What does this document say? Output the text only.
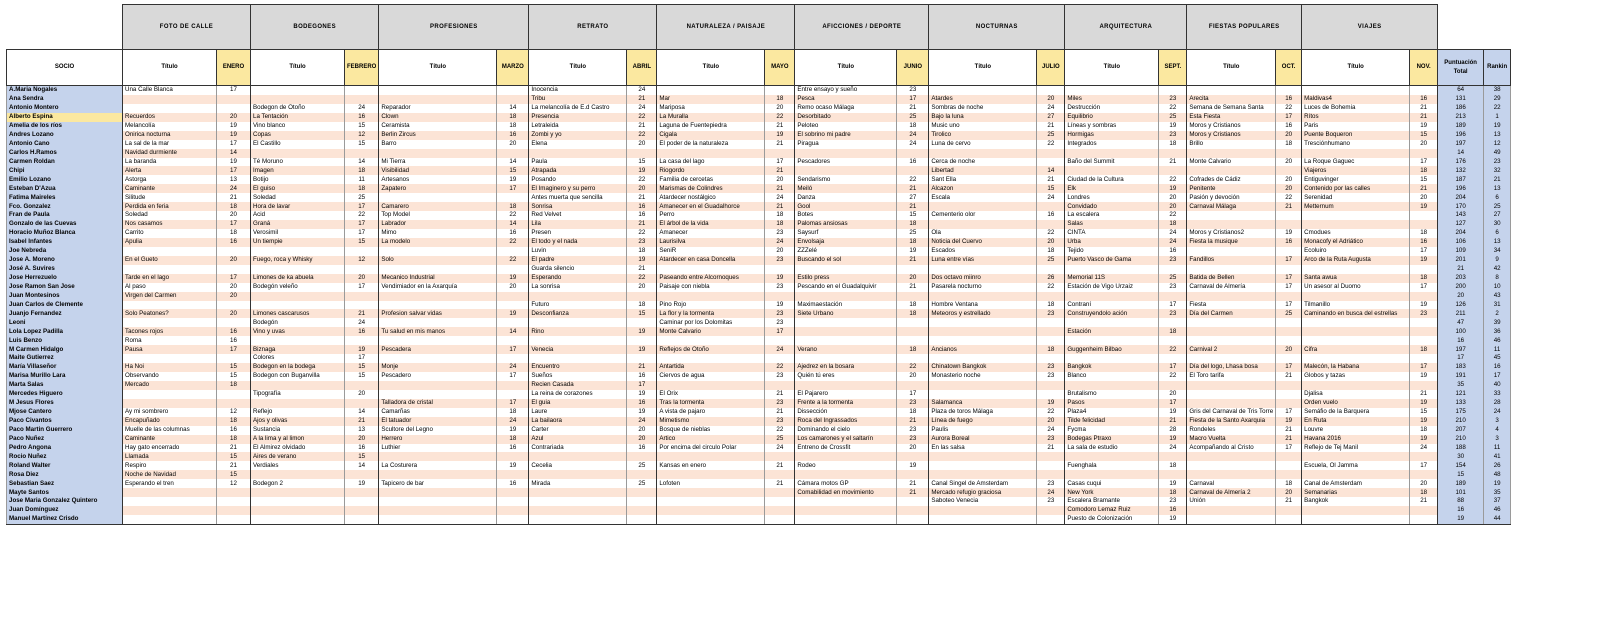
	FOTO DE CALLE		BODEGONES		PROFESIONES		RETRATO		NATURALEZA / PAISAJE		AFICCIONES / DEPORTE		NOCTURNAS		ARQUITECTURA		FIESTAS POPULARES		VIAJES			
SOCIO	Título	ENERO	Título	FEBRERO	Título	MARZO	Título	ABRIL	Título	MAYO	Título	JUNIO	Título	JULIO	Título	SEPT.	Título	OCT.	Título	NOV.	Puntuación Total	Rankin
A.Maria Nogales	Una Calle Blanca	17					Inocencia	24			Entre ensayo y sueño	23									64	38
Ana Sendra							Tribu	21	Mar	18	Pesca	17	Atardes	20	Miles	23	Arecita	16	Maldivas4	16	131	29
Antonio Montero			Bodegon de Otoño	24	Reparador	14	La melancolía de E.d Castro	24	Mariposa	20	Remo ocaso Málaga	21	Sombras de noche	24	Destrucción	22	Semana de Semana Santa	22	Luces de Bohemia	21	186	22
Alberto Espina	Recuerdos	20	La Tentación	16	Clown	18	Presencia	22	La Muralla	22	Desorbitado	25	Bajo la luna	27	Equilibrio	25	Esta Fiesta	17	Rítos	21	213	1
Amelia de los ríos	Melancolía	19	Vino blanco	15	Ceramista	18	Letraleida	21	Laguna de Fuentepiedra	21	Peloteo	18	Music uno	21	Líneas y sombras	19	Moros y Cristianos	16	Paris	19	189	19
Andres Lozano	Onirica nocturna	19	Copas	12	Berlin Zircus	16	Zombi y yo	22	Cigala	19	El sobrino mi padre	24	Tirolico	25	Hormigas	23	Moros y Cristianos	20	Puente Boqueron	15	196	13
Antonio Cano	La sal de la mar	17	El Castillo	15	Barro	20	Elena	20	El poder de la naturaleza	21	Piragua	24	Luna de cervo	22	Integrados	18	Brillo	18	Tresciónhumano	20	197	12
Carlos H.Ramos	Navidad durmiente	14																			14	49
Carmen Roldan	La baranda	19	Té Moruno	14	Mi Tierra	14	Paula	15	La casa del lago	17	Pescadores	16	Cerca de noche		Baño del Summit	21	Monte Calvario	20	La Roque Gaguec	17	176	23
Chipi	Alerta	17	Imagen	18	Visibilidad	15	Atrapada	19	Riogordo	21			Libertad	14					Viajeros	18	132	32
Emilio Lozano	Astorga	13	Botijo	11	Artesanos	19	Posando	22	Familia de cercetas	20	Sendarismo	22	Sant Ella	21	Ciudad de la Cultura	22	Cofrades de Cádiz	20	Entiguvinger	15	187	21
Esteban D'Azua	Caminante	24	El guiso	18	Zapatero	17	El Imaginero y su perro	20	Marismas de Colindres	21	Meiló	21	Alcazon	15	Elk	19	Penitente	20	Contenido por las calles	21	196	13
Fatima Maireles	Silitude	21	Soledad	25			Antes muerta que sencilla	21	Atardecer nostálgico	24	Danza	27	Escala	24	Londres	20	Pasión y devoción	22	Serenidad	20	204	6
Fco. Gonzalez	Perdida en feria	18	Hora de lavar	17	Camarero	18	Sonrisa	16	Amanecer en el Guadalhorce	21	Gool	21			Convidado	20	Carnaval Málaga	21	Metternum	19	170	25
Fran de Paula	Soledad	20	Acid	22	Top Model	22	Red Velvet	16	Perro	18	Botes	15	Cementerio olor	16	La escalera	22					143	27
Gonzalo de las Cuevas	Nos casamos	17	Graná	17	Labrador	14	Lila	21	El árbol de la vida	18	Palomas ansiosas	18			Salas	18					127	30
Horacio Muñoz Blanca	Carrito	18	Verosimil	17	Mimo	16	Presen	22	Amanecer	23	Saysurf	25	Ola	22	CINTA	24	Moros y Cristianos2	19	Cmodues	18	204	6
Isabel Infantes	Apulia	16	Un tiempie	15	La modelo	22	El todo y el nada	23	Laurisilva	24	Envolsaja	18	Noticia del Cuervo	20	Urba	24	Fiesta la musique	16	Monacofy el Adriático	16	106	13
Joe Nebreda							Luvin	18	SeniR	20	ZZZelé	19	Escados	18	Tejido	16			Ecoluiro	17	109	34
Jose A. Moreno	En el Gueto	20	Fuego, roca y Whisky	12	Solo	22	El padre	19	Atardecer en casa Doncella	23	Buscando el sol	21	Luna entre vías	25	Puerto Vasco de Gama	23	Fandillos	17	Arco de la Ruta Augusta	19	201	9
José A. Suvires							Guarda silencio	21													21	42
Jose Herrezuelo	Tarde en el lago	17	Limones de ka abuela	20	Mecanico Industrial	19	Esperando	22	Paseando entre Alcornoques	19	Estilo press	20	Dos octavo miinro	26	Memorial 11S	25	Batida de Bellen	17	Santa awua	18	203	8
Jose Ramon San Jose	Al paso	20	Bodegón veleño	17	Vendimiador en la Axarquía	20	La sonrisa	20	Paisaje con niebla	23	Pescando en el Guadalquivir	21	Pasarela nocturno	22	Estación de Vigo Urzaiz	23	Carnaval de Almería	17	Un asesor al Duomo	17	200	10
Juan Montesinos	Virgen del Carmen	20																			20	43
Juan Carlos de Clemente							Futuro	18	Pino Rojo	19	Maximaestación	18	Hombre Ventana	18	Contraní	17	Fiesta	17	Tilmanillo	19	126	31
Juanjo Fernandez	Solo Peatones?	20	Limones cascarusos	21	Profesion salvar vidas	19	Desconfianza	15	La flor y la tormenta	23	Siete Urbano	18	Meteoros y estrellado	23	Construyendolo ación	23	Día del Carmen	25	Caminando en busca del estrellas	23	211	2
Leoni			Bodegón	24					Caminar por los Dolomitas	23											47	39
Lola Lopez Padilla	Tacones rojos	16	Vino y uvas	16	Tu salud en mis manos	14	Rino	19	Monte Calvario	17					Estación	18					100	36
Luis Benzo	Roma	16																			16	46
M Carmen Hidalgo	Pausa	17	Biznaga	19	Pescadera	17	Venecia	19	Reflejos de Otoño	24	Verano	18	Ancianos	18	Guggenheim Bilbao	22	Carnival 2	20	Cifra	18	197	11
Maite Gutierrez			Colores	17																	17	45
María Villaseñor	Ha Noi	15	Bodegon en la bodega	15	Monje	24	Encuentro	21	Antartida	22	Ajedrez en la bosara	22	Chinatown Bangkok	23	Bangkok	17	Día del logo, Lhasa bosa	17	Malecón, la Habana	17	183	16
Marisa Murillo Lara	Observando	15	Bodegon con Buganvilla	15	Pescadero	17	Sueños	16	Ciervos de agua	23	Quién tú eres	20	Monasterio noche	23	Blanco	22	El Toro tarifa	21	Globos y tazas	19	191	17
Marta Salas	Mercado	18					Recien Casada	17													35	40
Mercedes Higuero			Tipografía	20			La reina de corazones	19	El Orix	21	El Pajarero	17			Brutalismo	20			Djalisa	21	121	33
M Jesus Flores					Talladora de cristal	17	El guia	16	Tras la tormenta	23	Frente a la tormenta	23	Salamanca	19	Pasos	17			Orden vuelo	19	133	28
Mjose Cantero	Ay mi sombrero	12	Reflejo	14	Camarñas	18	Laure	19	A vista de pajaro	21	Dissección	18	Plaza de toros Málaga	22	Plaza4	19	Gris del Carnaval de Tris Torre	17	Semáfio de la Barquera	15	175	24
Paco Civantos	Encapuñado	18	Ajos y olivas	21	El tatuador	24	La bailaora	24	Mimetismo	23	Roca del Ingrassados	21	Línea de fuego	20	Tilde felicidad	21	Fiesta de la Santo Axarquia	19	En Ruta	19	210	3
Paco Martin Guerrero	Muelle de las columnas	16	Sustancia	13	Scultore del Legno	19	Carter	20	Bosque de nieblas	22	Dominando el cielo	23	Paulis	24	Fycma	28	Rondeles	21	Louvre	18	207	4
Paco Nuñez	Caminante	18	A la lima y al limon	20	Herrero	18	Azul	20	Artico	25	Los camarones y el saltarín	23	Aurora Boreal	23	Bodegas Ptraxo	19	Macro Vuelta	21	Havana 2016	19	210	3
Pedro Angona	Hay gato encerrado	21	El Almirez olvidado	16	Luthier	16	Contrariada	16	Por encima del circulo Polar	24	Entreno de Crossfit	20	En las salsa	21	La sala de estudio	24	Acompañando al Cristo	17	Reflejo de Tej Manil	24	188	11
Rocio Nuñez	Llamada	15	Aires de verano	15																	30	41
Roland Walter	Respiro	21	Verdiales	14	La Costurera	19	Cecelia	25	Kansas en enero	21	Rodeo	19			Fuenghala	18			Escuela, Ol Jamma	17	154	26
Rosa Diez	Noche de Navidad	15																			15	48
Sebastian Saez	Esperando el tren	12	Bodegon 2	19	Tapicero de bar	16	Mirada	25	Lofoten	21	Cámara motos GP	21	Canal Singel de Amsterdam	23	Casas cuqui	19	Carnaval	18	Canal de Amsterdam	20	189	19
Mayte Santos											Comabilidad en movimiento	21	Mercado refugio graciosa	24	New York	18	Carnaval de Almería 2	20	Semanarias	18	101	35
Jose Maria Gonzalez Quintero													Saboteo Venecia	23	Escalera Bramante	23	Unión	21	Bangkok	21	88	37
Juan Domínguez															Comodoro Lemaz Ruiz	16					16	46
Manuel Martínez Crisdo															Puesto de Colonización	19					19	44
